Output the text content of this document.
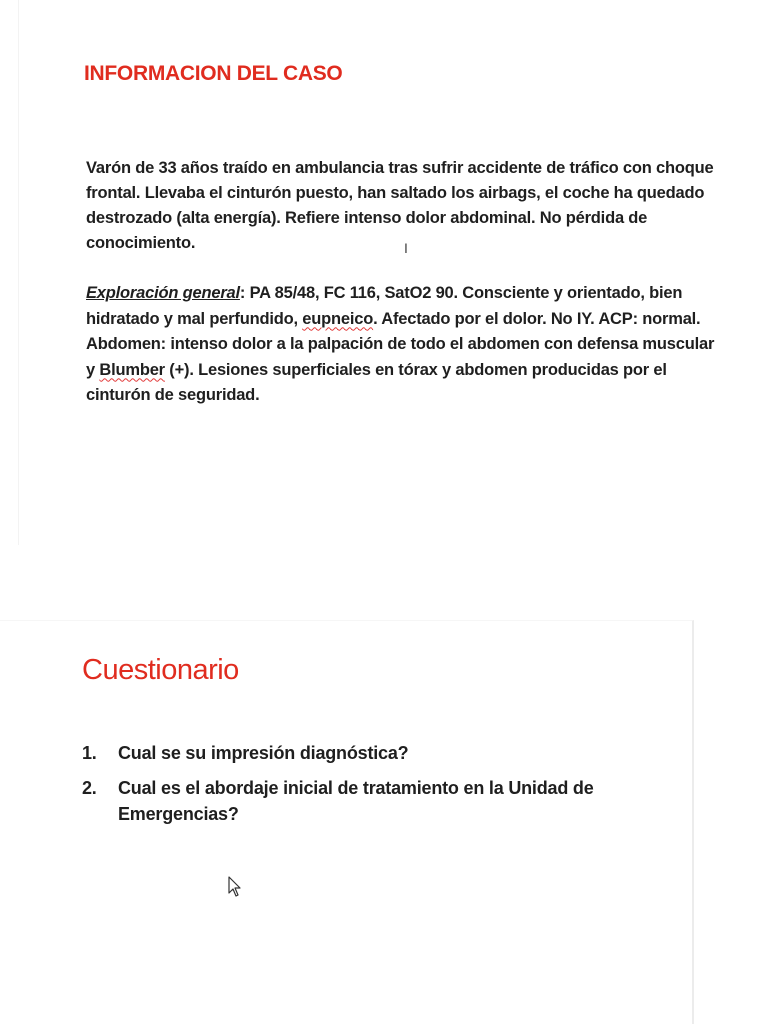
INFORMACION DEL CASO

Varón de 33 años traído en ambulancia tras sufrir accidente de tráfico con choque frontal. Llevaba el cinturón puesto, han saltado los airbags, el coche ha quedado destrozado (alta energía). Refiere intenso dolor abdominal. No pérdida de conocimiento.	I

Exploración general: PA 85/48, FC 116, SatO2 90. Consciente y orientado, bien hidratado y mal perfundido, eupneico. Afectado por el dolor. No IY. ACP: normal. Abdomen: intenso dolor a la palpación de todo el abdomen con defensa muscular y Blumber (+). Lesiones superficiales en tórax y abdomen producidas por el cinturón de seguridad.

Cuestionario
1.	Cual se su impresión diagnóstica?
2.	Cual es el abordaje inicial de tratamiento en la Unidad de Emergencias?
